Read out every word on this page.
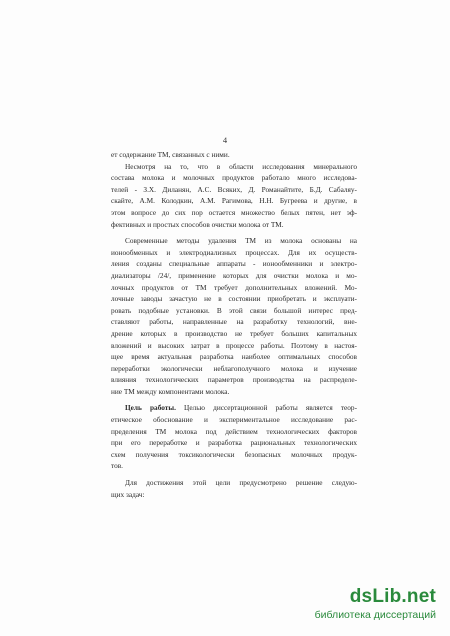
4
ет содержание ТМ, связанных с ними.
Несмотря на то, что в области исследования минерального
состава молока и молочных продуктов работало много исследова-
телей - З.Х. Диланян, А.С. Всяких, Д. Романайтите, Б.Д. Сабаляу-
скайте, А.М. Колодкин, А.М. Рагимова, Н.Н. Бугреева и другие, в
этом вопросе до сих пор остается множество белых пятен, нет эф-
фективных и простых способов очистки молока от ТМ.
Современные методы удаления ТМ из молока основаны на
ионообменных и электродиализных процессах. Для их осуществ-
ления созданы специальные аппараты - ионообменники и электро-
диализаторы /24/, применение которых для очистки молока и мо-
лочных продуктов от ТМ требует дополнительных вложений. Мо-
лочные заводы зачастую не в состоянии приобретать и эксплуати-
ровать подобные установки. В этой связи большой интерес пред-
ставляют работы, направленные на разработку технологий, вне-
дрение которых в производство не требует больших капитальных
вложений и высоких затрат в процессе работы. Поэтому в настоя-
щее время актуальная разработка наиболее оптимальных способов
переработки экологически неблагополучного молока и изучение
влияния технологических параметров производства на распределе-
ние ТМ между компонентами молока.
Цель работы. Целью диссертационной работы является теор-
етическое обоснование и экспериментальное исследование рас-
пределения ТМ молока под действием технологических факторов
при его переработке и разработка рациональных технологических
схем получения токсикологически безопасных молочных продук-
тов.
Для достижения этой цели предусмотрено решение следую-
щих задач:
dsLib.net
библиотека диссертаций
